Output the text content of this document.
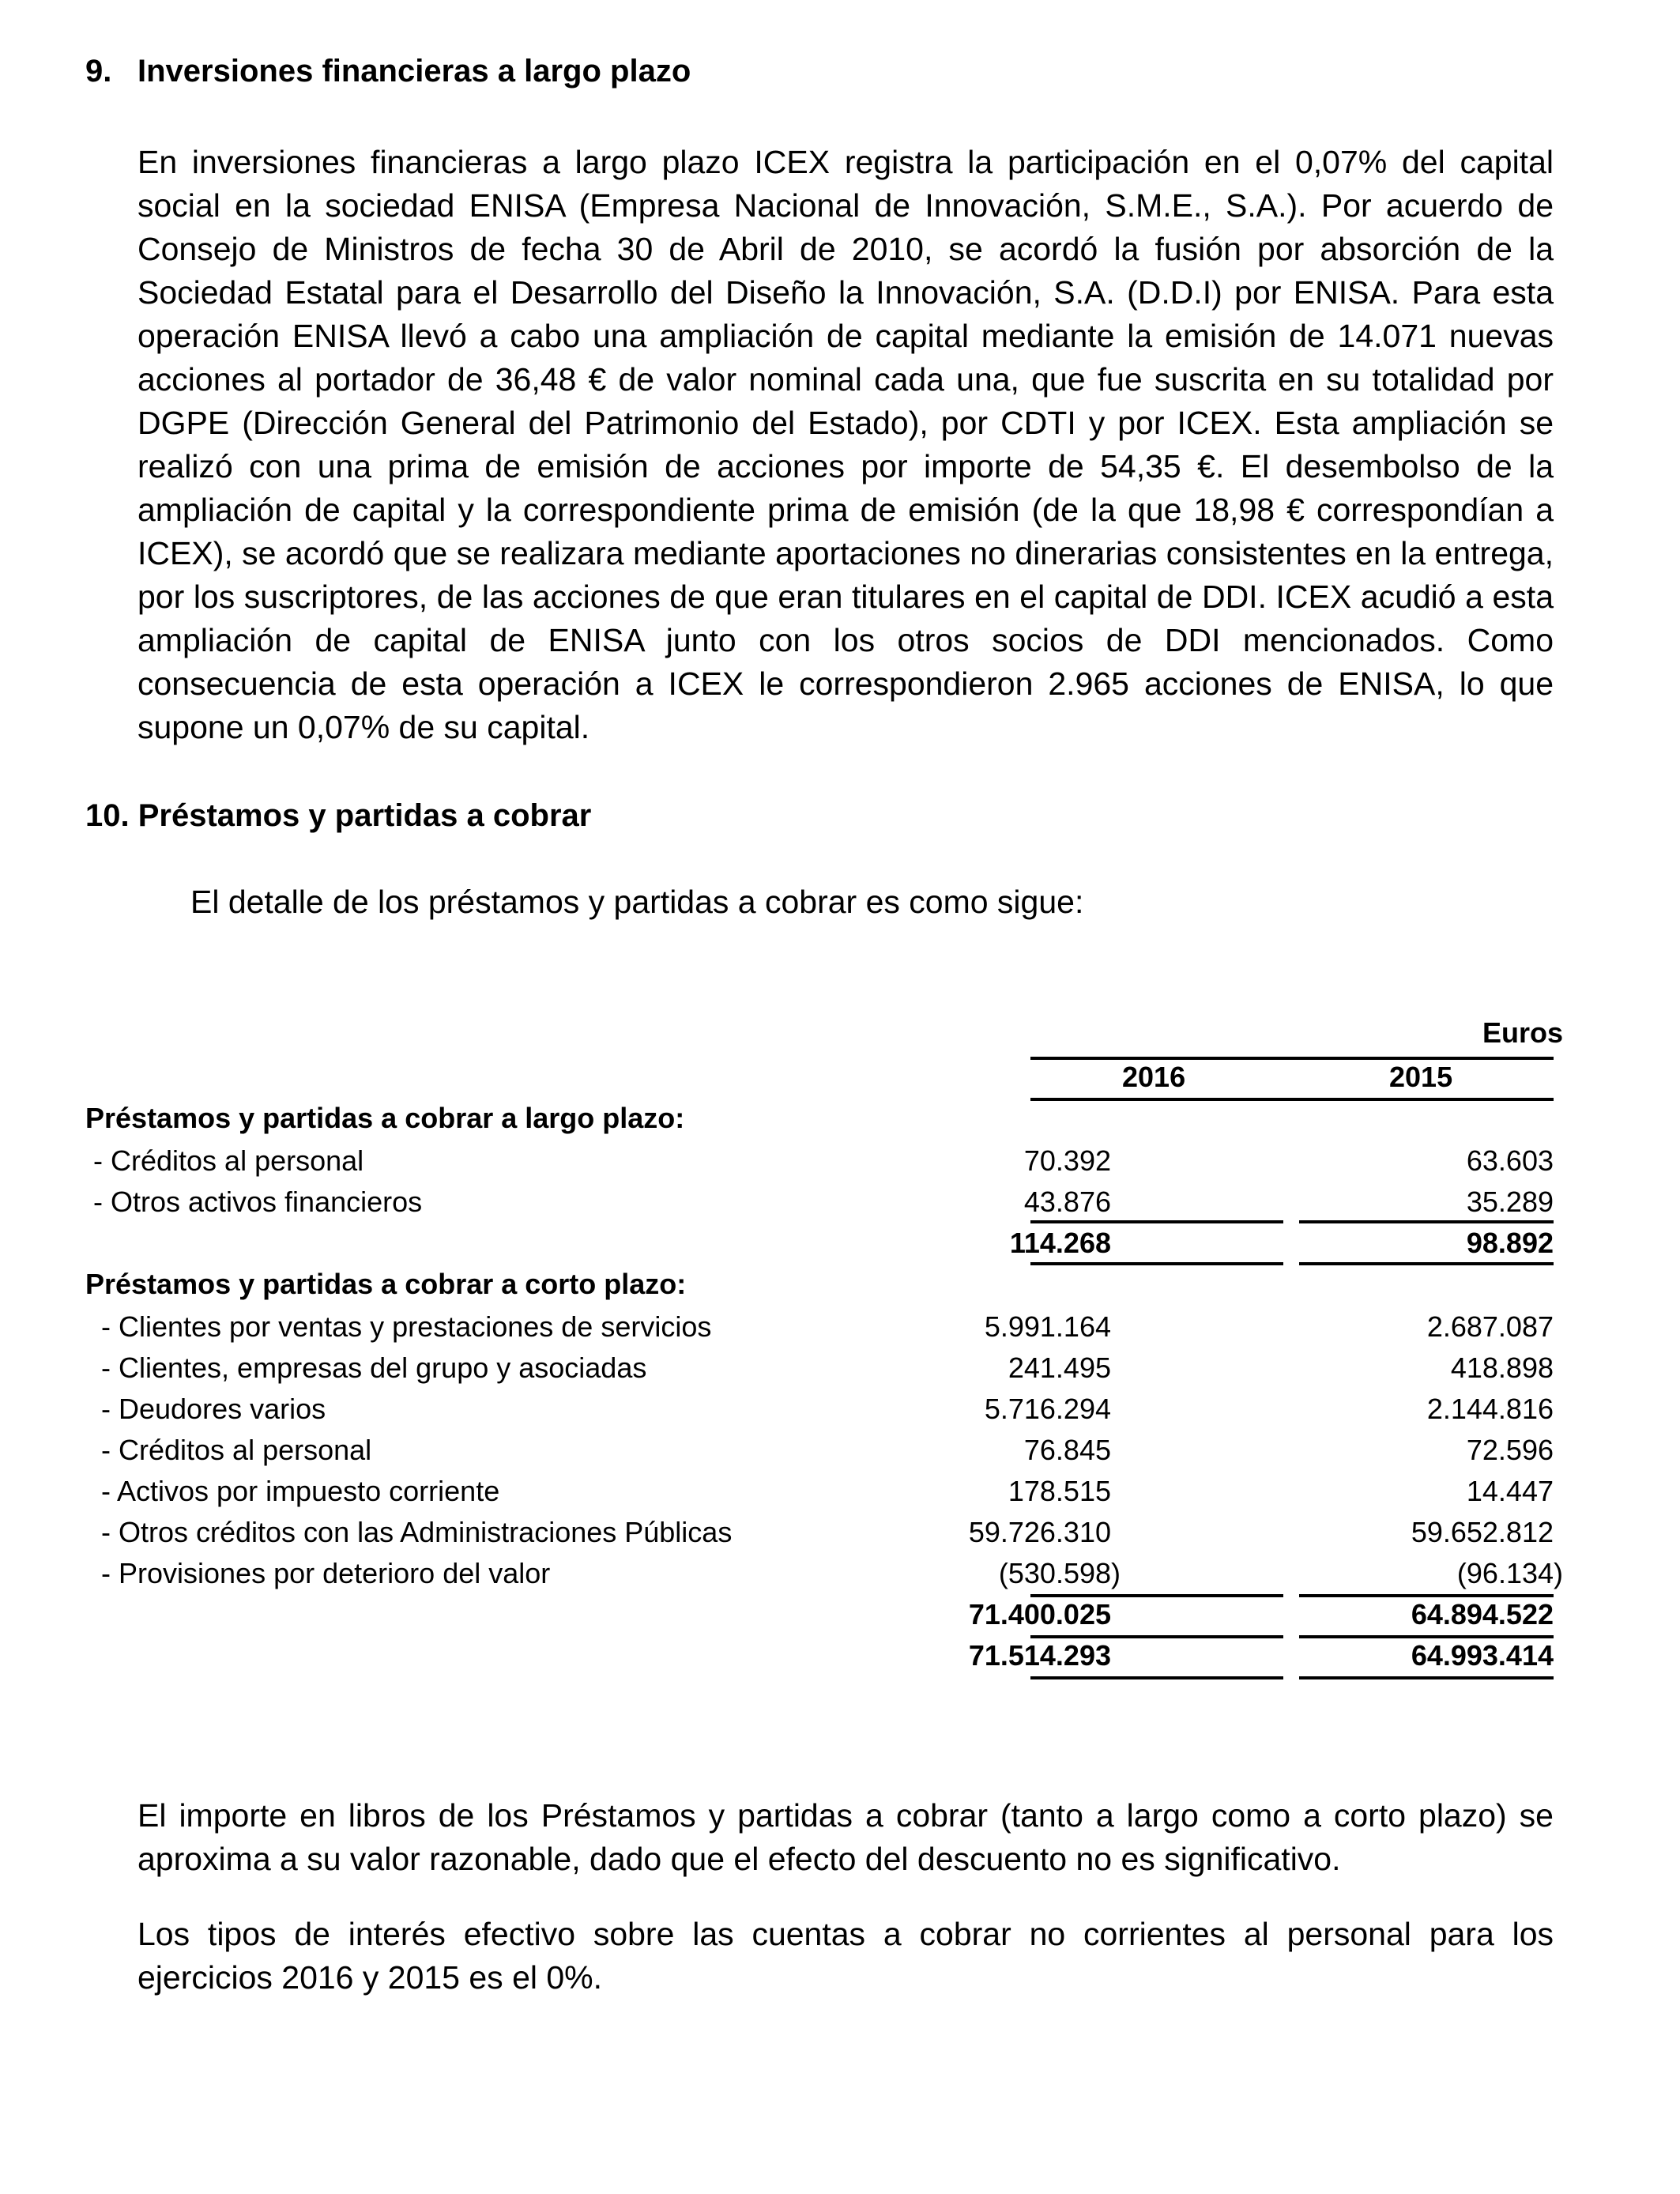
9. Inversiones financieras a largo plazo

En inversiones financieras a largo plazo ICEX registra la participación en el 0,07% del capital social en la sociedad ENISA (Empresa Nacional de Innovación, S.M.E., S.A.). Por acuerdo de Consejo de Ministros de fecha 30 de Abril de 2010, se acordó la fusión por absorción de la Sociedad Estatal para el Desarrollo del Diseño la Innovación, S.A. (D.D.I) por ENISA. Para esta operación ENISA llevó a cabo una ampliación de capital mediante la emisión de 14.071 nuevas acciones al portador de 36,48 € de valor nominal cada una, que fue suscrita en su totalidad por DGPE (Dirección General del Patrimonio del Estado), por CDTI y por ICEX. Esta ampliación se realizó con una prima de emisión de acciones por importe de 54,35 €. El desembolso de la ampliación de capital y la correspondiente prima de emisión (de la que 18,98 € correspondían a ICEX), se acordó que se realizara mediante aportaciones no dinerarias consistentes en la entrega, por los suscriptores, de las acciones de que eran titulares en el capital de DDI. ICEX acudió a esta ampliación de capital de ENISA junto con los otros socios de DDI mencionados. Como consecuencia de esta operación a ICEX le correspondieron 2.965 acciones de ENISA, lo que supone un 0,07% de su capital.

10. Préstamos y partidas a cobrar

El detalle de los préstamos y partidas a cobrar es como sigue:

Euros
2016	2015
Préstamos y partidas a cobrar a largo plazo:
- Créditos al personal	70.392	63.603
- Otros activos financieros	43.876	35.289
114.268	98.892
Préstamos y partidas a cobrar a corto plazo:
- Clientes por ventas y prestaciones de servicios	5.991.164	2.687.087
- Clientes, empresas del grupo y asociadas	241.495	418.898
- Deudores varios	5.716.294	2.144.816
- Créditos al personal	76.845	72.596
- Activos por impuesto corriente	178.515	14.447
- Otros créditos con las Administraciones Públicas	59.726.310	59.652.812
- Provisiones por deterioro del valor	(530.598)	(96.134)
71.400.025	64.894.522
71.514.293	64.993.414

El importe en libros de los Préstamos y partidas a cobrar (tanto a largo como a corto plazo) se aproxima a su valor razonable, dado que el efecto del descuento no es significativo.

Los tipos de interés efectivo sobre las cuentas a cobrar no corrientes al personal para los ejercicios 2016 y 2015 es el 0%.
